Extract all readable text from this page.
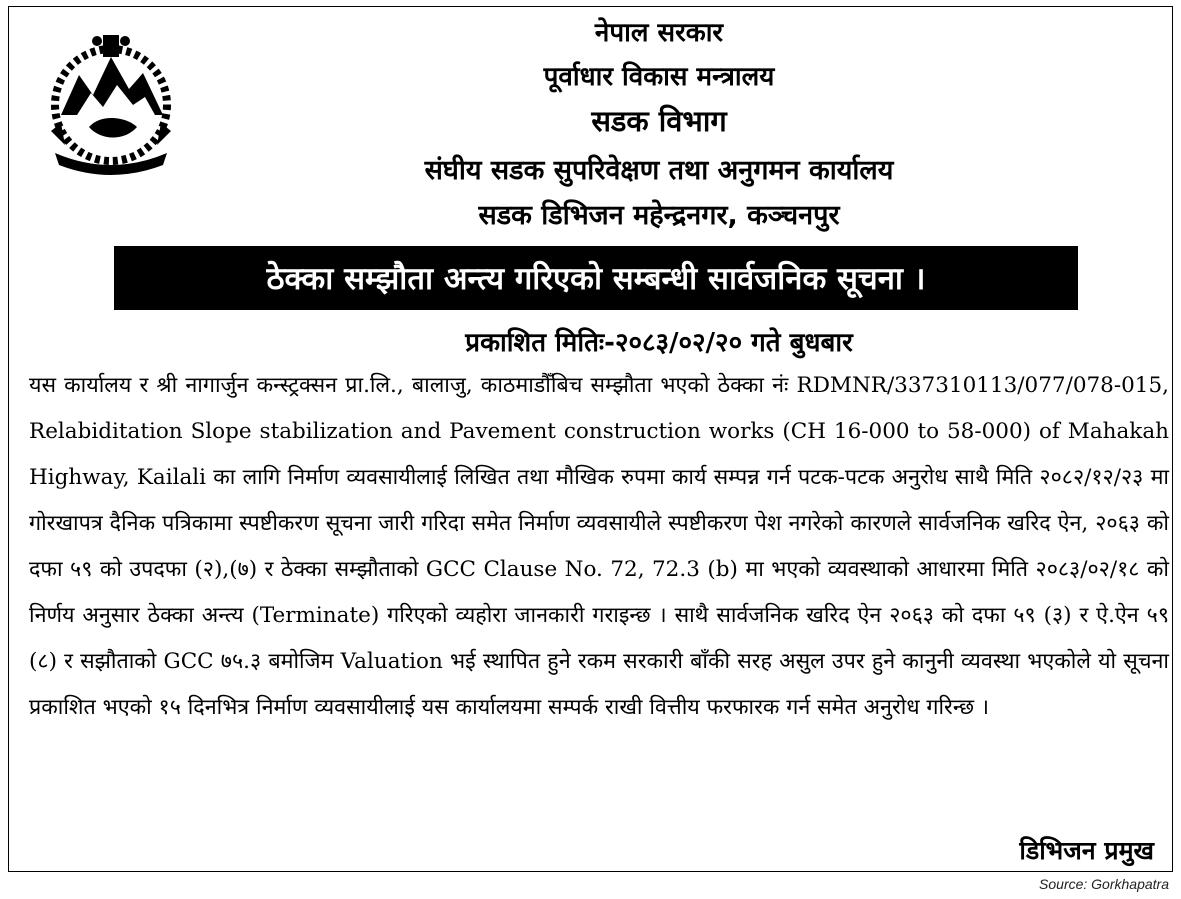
नेपाल सरकार
पूर्वाधार विकास मन्त्रालय
सडक विभाग
संघीय सडक सुपरिवेक्षण तथा अनुगमन कार्यालय
सडक डिभिजन महेन्द्रनगर, कञ्चनपुर
ठेक्का सम्झौता अन्त्य गरिएको सम्बन्धी सार्वजनिक सूचना ।
प्रकाशित मितिः-२०८३/०२/२० गते बुधबार
यस कार्यालय र श्री नागार्जुन कन्स्ट्रक्सन प्रा.लि., बालाजु, काठमाडौँबिच सम्झौता भएको ठेक्का नंः RDMNR/337310113/077/078-015, Relabiditation Slope stabilization and Pavement construction works (CH 16-000 to 58-000) of Mahakah Highway, Kailali का लागि निर्माण व्यवसायीलाई लिखित तथा मौखिक रुपमा कार्य सम्पन्न गर्न पटक-पटक अनुरोध साथै मिति २०८२/१२/२३ मा गोरखापत्र दैनिक पत्रिकामा स्पष्टीकरण सूचना जारी गरिदा समेत निर्माण व्यवसायीले स्पष्टीकरण पेश नगरेको कारणले सार्वजनिक खरिद ऐन, २०६३ को दफा ५९ को उपदफा (२),(७) र ठेक्का सम्झौताको GCC Clause No. 72, 72.3 (b) मा भएको व्यवस्थाको आधारमा मिति २०८३/०२/१८ को निर्णय अनुसार ठेक्का अन्त्य (Terminate) गरिएको व्यहोरा जानकारी गराइन्छ । साथै सार्वजनिक खरिद ऐन २०६३ को दफा ५९ (३) र ऐ.ऐन ५९ (८) र सझौताको GCC ७५.३ बमोजिम Valuation भई स्थापित हुने रकम सरकारी बाँकी सरह असुल उपर हुने कानुनी व्यवस्था भएकोले यो सूचना प्रकाशित भएको १५ दिनभित्र निर्माण व्यवसायीलाई यस कार्यालयमा सम्पर्क राखी वित्तीय फरफारक गर्न समेत अनुरोध गरिन्छ ।
डिभिजन प्रमुख
Source: Gorkhapatra
